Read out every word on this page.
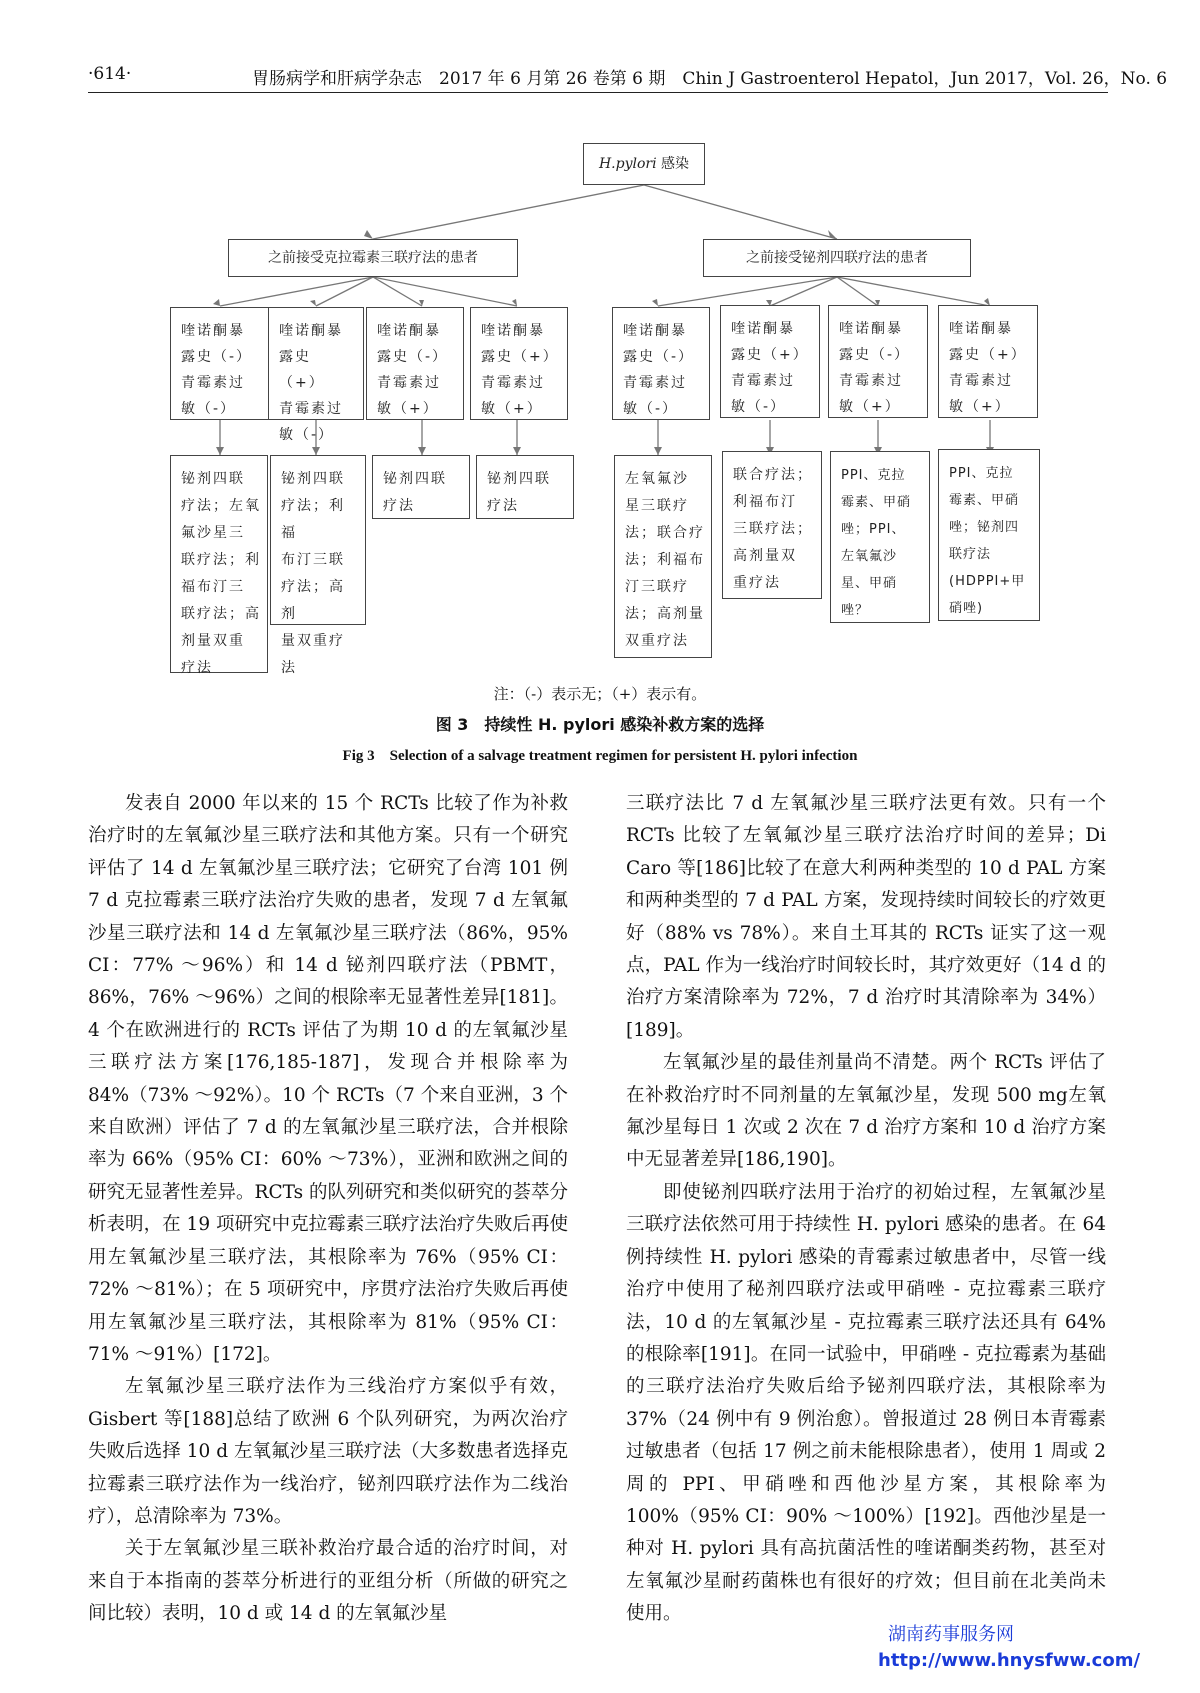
·614·	胃肠病学和肝病学杂志　2017 年 6 月第 26 卷第 6 期　Chin J Gastroenterol Hepatol，Jun 2017，Vol. 26，No. 6
H.pylori 感染
之前接受克拉霉素三联疗法的患者	之前接受铋剂四联疗法的患者
喹诺酮暴
露史（-）
青霉素过
敏（-）
喹诺酮暴
露史（+）
青霉素过
敏（-）
喹诺酮暴
露史（-）
青霉素过
敏（+）
喹诺酮暴
露史（+）
青霉素过
敏（+）
喹诺酮暴
露史（-）
青霉素过
敏（-）
喹诺酮暴
露史（+）
青霉素过
敏（-）
喹诺酮暴
露史（-）
青霉素过
敏（+）
喹诺酮暴
露史（+）
青霉素过
敏（+）
铋剂四联
疗法；左氧
氟沙星三
联疗法；利
福布汀三
联疗法；高
剂量双重
疗法
铋剂四联
疗法；利福
布汀三联
疗法；高剂
量双重疗
法
铋剂四联
疗法
铋剂四联
疗法
左氧氟沙
星三联疗
法；联合疗
法；利福布
汀三联疗
法；高剂量
双重疗法
联合疗法；
利福布汀
三联疗法；
高剂量双
重疗法
PPI、克拉
霉素、甲硝
唑；PPI、
左氧氟沙
星、甲硝
唑？
PPI、克拉
霉素、甲硝
唑；铋剂四
联疗法
(HDPPI+甲
硝唑)
注：（-）表示无；（+）表示有。
图 3　持续性 H. pylori 感染补救方案的选择
Fig 3　Selection of a salvage treatment regimen for persistent H. pylori infection

发表自 2000 年以来的 15 个 RCTs 比较了作为补救治疗时的左氧氟沙星三联疗法和其他方案。只有一个研究评估了 14 d 左氧氟沙星三联疗法；它研究了台湾 101 例 7 d 克拉霉素三联疗法治疗失败的患者，发现 7 d 左氧氟沙星三联疗法和 14 d 左氧氟沙星三联疗法（86%，95% CI：77% ～96%）和 14 d 铋剂四联疗法（PBMT，86%，76% ～96%）之间的根除率无显著性差异[181]。4 个在欧洲进行的 RCTs 评估了为期 10 d 的左氧氟沙星三联疗法方案[176,185-187]，发现合并根除率为 84%（73% ～92%）。10 个 RCTs（7 个来自亚洲，3 个来自欧洲）评估了 7 d 的左氧氟沙星三联疗法，合并根除率为 66%（95% CI：60% ～73%），亚洲和欧洲之间的研究无显著性差异。RCTs 的队列研究和类似研究的荟萃分析表明，在 19 项研究中克拉霉素三联疗法治疗失败后再使用左氧氟沙星三联疗法，其根除率为 76%（95% CI：72% ～81%）；在 5 项研究中，序贯疗法治疗失败后再使用左氧氟沙星三联疗法，其根除率为 81%（95% CI：71% ～91%）[172]。

左氧氟沙星三联疗法作为三线治疗方案似乎有效，Gisbert 等[188]总结了欧洲 6 个队列研究，为两次治疗失败后选择 10 d 左氧氟沙星三联疗法（大多数患者选择克拉霉素三联疗法作为一线治疗，铋剂四联疗法作为二线治疗），总清除率为 73%。

关于左氧氟沙星三联补救治疗最合适的治疗时间，对来自于本指南的荟萃分析进行的亚组分析（所做的研究之间比较）表明，10 d 或 14 d 的左氧氟沙星

三联疗法比 7 d 左氧氟沙星三联疗法更有效。只有一个 RCTs 比较了左氧氟沙星三联疗法治疗时间的差异；Di Caro 等[186]比较了在意大利两种类型的 10 d PAL 方案和两种类型的 7 d PAL 方案，发现持续时间较长的疗效更好（88% vs 78%）。来自土耳其的 RCTs 证实了这一观点，PAL 作为一线治疗时间较长时，其疗效更好（14 d 的治疗方案清除率为 72%，7 d 治疗时其清除率为 34%）[189]。

左氧氟沙星的最佳剂量尚不清楚。两个 RCTs 评估了在补救治疗时不同剂量的左氧氟沙星，发现 500 mg左氧氟沙星每日 1 次或 2 次在 7 d 治疗方案和 10 d 治疗方案中无显著差异[186,190]。

即使铋剂四联疗法用于治疗的初始过程，左氧氟沙星三联疗法依然可用于持续性 H. pylori 感染的患者。在 64 例持续性 H. pylori 感染的青霉素过敏患者中，尽管一线治疗中使用了秘剂四联疗法或甲硝唑 - 克拉霉素三联疗法，10 d 的左氧氟沙星 - 克拉霉素三联疗法还具有 64% 的根除率[191]。在同一试验中，甲硝唑 - 克拉霉素为基础的三联疗法治疗失败后给予铋剂四联疗法，其根除率为 37%（24 例中有 9 例治愈）。曾报道过 28 例日本青霉素过敏患者（包括 17 例之前未能根除患者），使用 1 周或 2 周的 PPI、甲硝唑和西他沙星方案，其根除率为 100%（95% CI：90% ～100%）[192]。西他沙星是一种对 H. pylori 具有高抗菌活性的喹诺酮类药物，甚至对左氧氟沙星耐药菌株也有很好的疗效；但目前在北美尚未使用。

湖南药事服务网
http://www.hnysfww.com/
